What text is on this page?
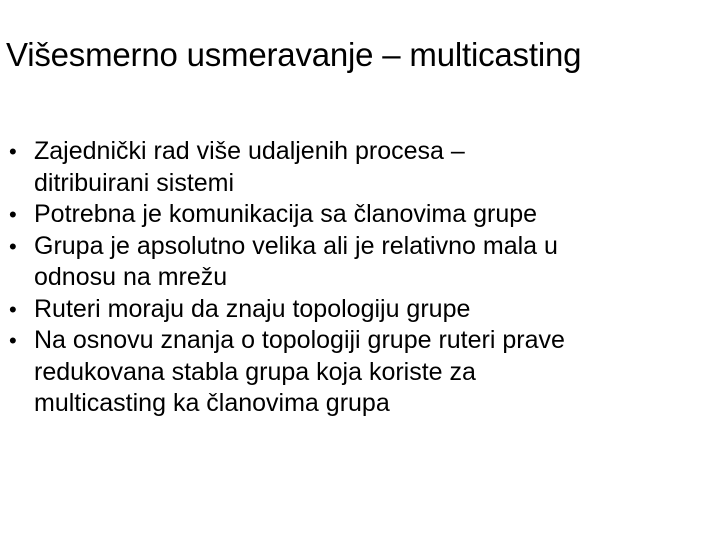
Višesmerno usmeravanje – multicasting
• Zajednički rad više udaljenih procesa –
ditribuirani sistemi
• Potrebna je komunikacija sa članovima grupe
• Grupa je apsolutno velika ali je relativno mala u
odnosu na mrežu
• Ruteri moraju da znaju topologiju grupe
• Na osnovu znanja o topologiji grupe ruteri prave
redukovana stabla grupa koja koriste za
multicasting ka članovima grupa
